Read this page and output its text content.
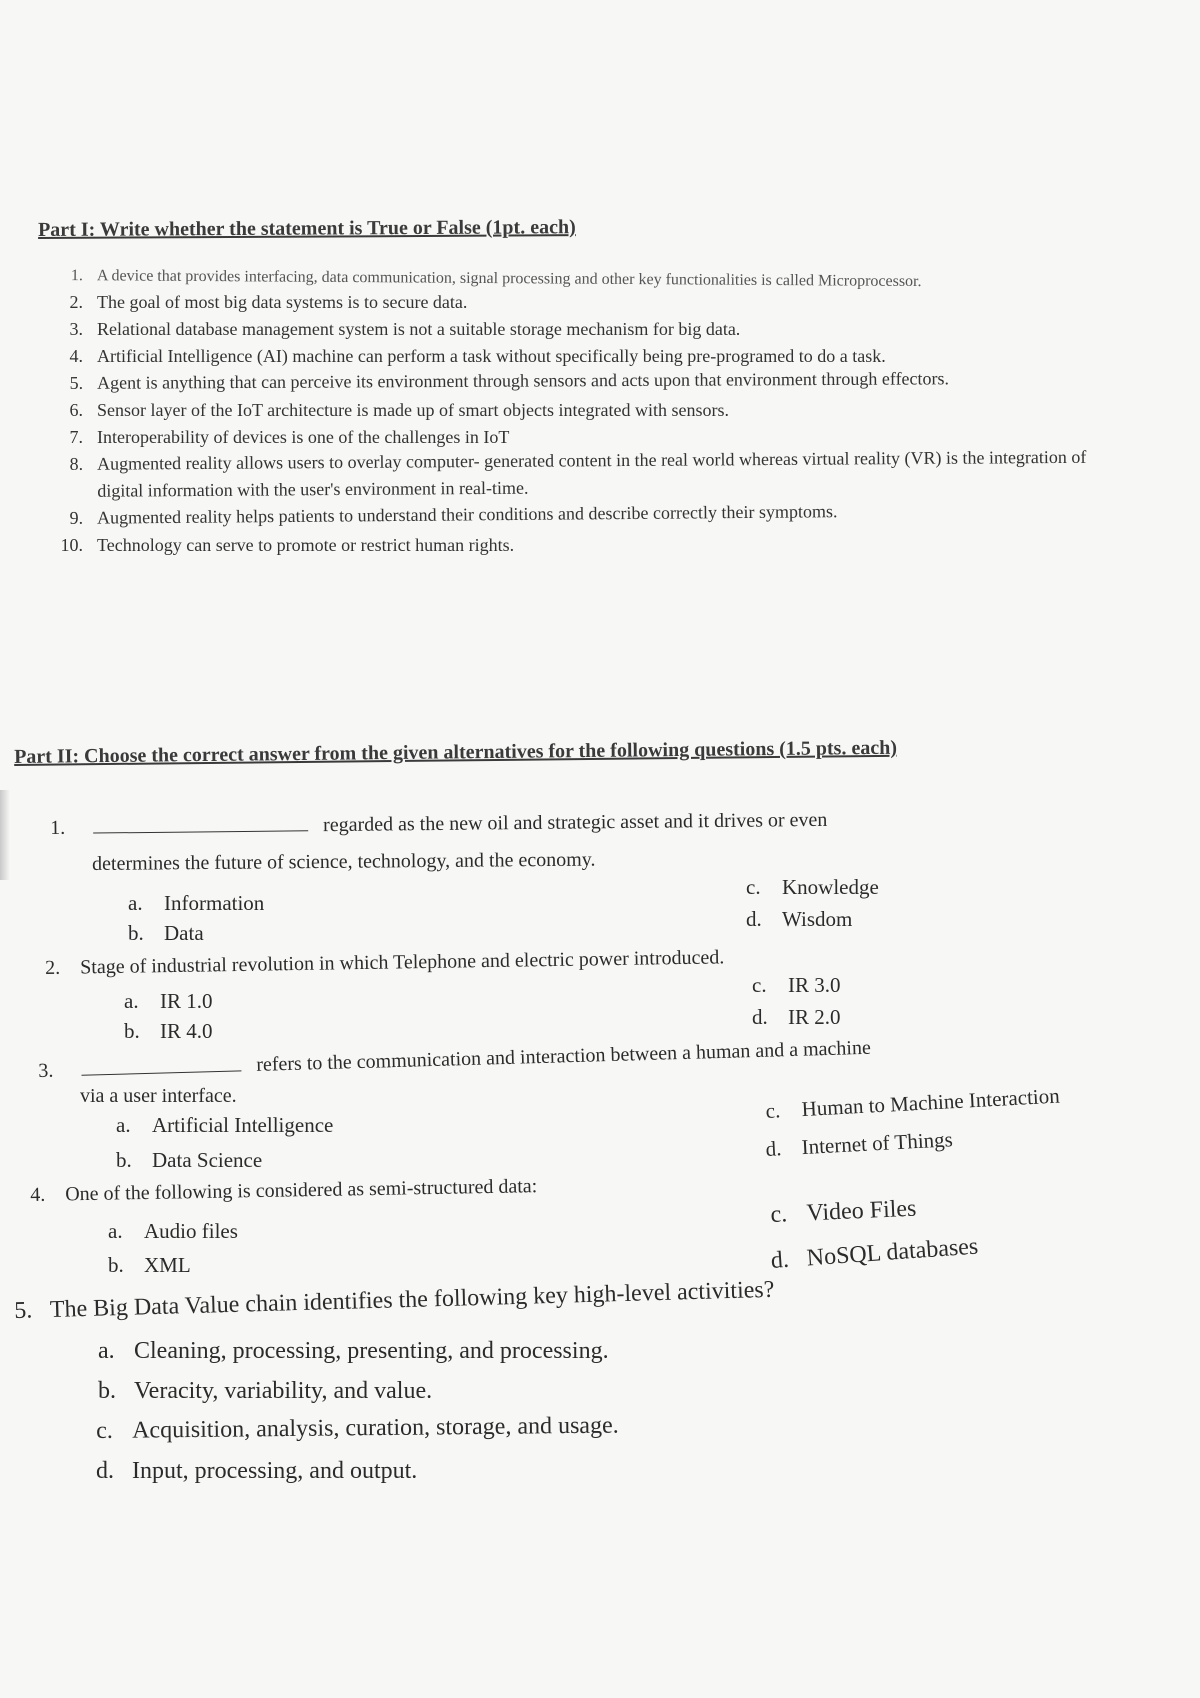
Part I: Write whether the statement is True or False (1pt. each)
1. A device that provides interfacing, data communication, signal processing and other key functionalities is called Microprocessor.
2. The goal of most big data systems is to secure data.
3. Relational database management system is not a suitable storage mechanism for big data.
4. Artificial Intelligence (AI) machine can perform a task without specifically being pre-programed to do a task.
5. Agent is anything that can perceive its environment through sensors and acts upon that environment through effectors.
6. Sensor layer of the IoT architecture is made up of smart objects integrated with sensors.
7. Interoperability of devices is one of the challenges in IoT
8. Augmented reality allows users to overlay computer- generated content in the real world whereas virtual reality (VR) is the integration of digital information with the user's environment in real-time.
9. Augmented reality helps patients to understand their conditions and describe correctly their symptoms.
10. Technology can serve to promote or restrict human rights.
Part II: Choose the correct answer from the given alternatives for the following questions (1.5 pts. each)
1.	regarded as the new oil and strategic asset and it drives or even
determines the future of science, technology, and the economy.
a. Information
b. Data
c. Knowledge
d. Wisdom
2. Stage of industrial revolution in which Telephone and electric power introduced.
a. IR 1.0
b. IR 4.0
c. IR 3.0
d. IR 2.0
3.	refers to the communication and interaction between a human and a machine
via a user interface.
a. Artificial Intelligence
b. Data Science
c. Human to Machine Interaction
d. Internet of Things
4. One of the following is considered as semi-structured data:
a. Audio files
b. XML
c. Video Files
d. NoSQL databases
5. The Big Data Value chain identifies the following key high-level activities?
a. Cleaning, processing, presenting, and processing.
b. Veracity, variability, and value.
c. Acquisition, analysis, curation, storage, and usage.
d. Input, processing, and output.
